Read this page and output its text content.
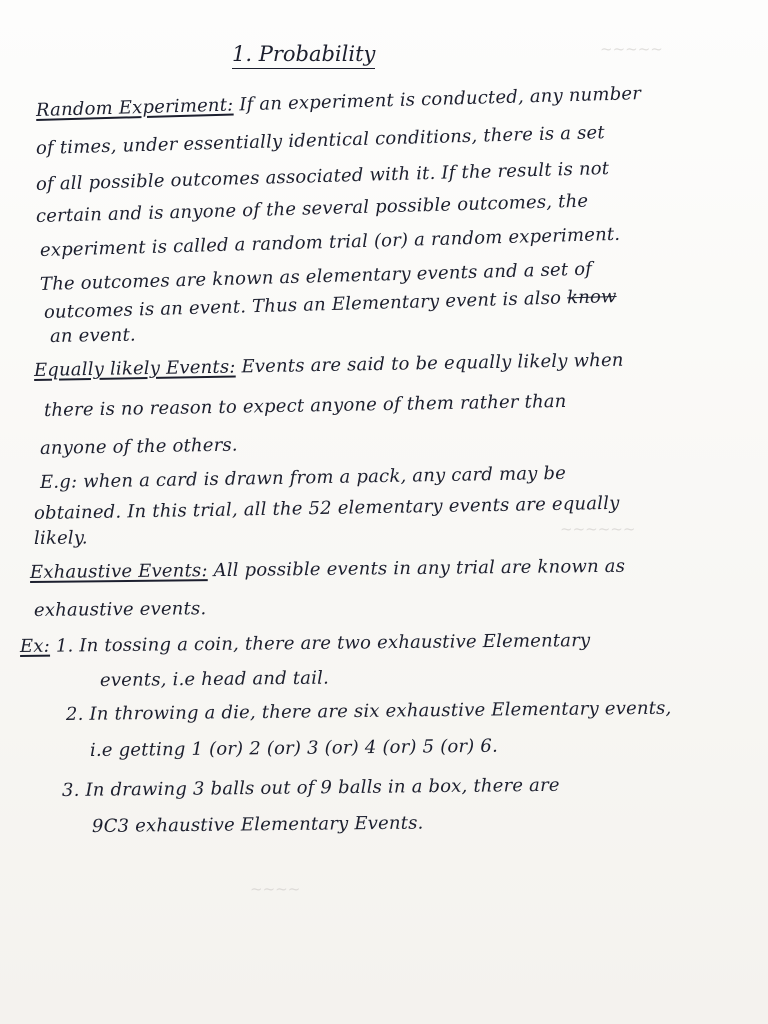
~~~~~
~~~~~~
~~~~
1. Probability
Random Experiment: If an experiment is conducted, any number
of times, under essentially identical conditions, there is a set
of all possible outcomes associated with it. If the result is not
certain and is anyone of the several possible outcomes, the
experiment is called a random trial (or) a random experiment.
The outcomes are known as elementary events and a set of
outcomes is an event. Thus an Elementary event is also know
an event.
Equally likely Events: Events are said to be equally likely when
there is no reason to expect anyone of them rather than
anyone of the others.
E.g: when a card is drawn from a pack, any card may be
obtained. In this trial, all the 52 elementary events are equally
likely.
Exhaustive Events: All possible events in any trial are known as
exhaustive events.
Ex: 1. In tossing a coin, there are two exhaustive Elementary
events, i.e head and tail.
2. In throwing a die, there are six exhaustive Elementary events,
i.e getting 1 (or) 2 (or) 3 (or) 4 (or) 5 (or) 6.
3. In drawing 3 balls out of 9 balls in a box, there are
9C3 exhaustive Elementary Events.
